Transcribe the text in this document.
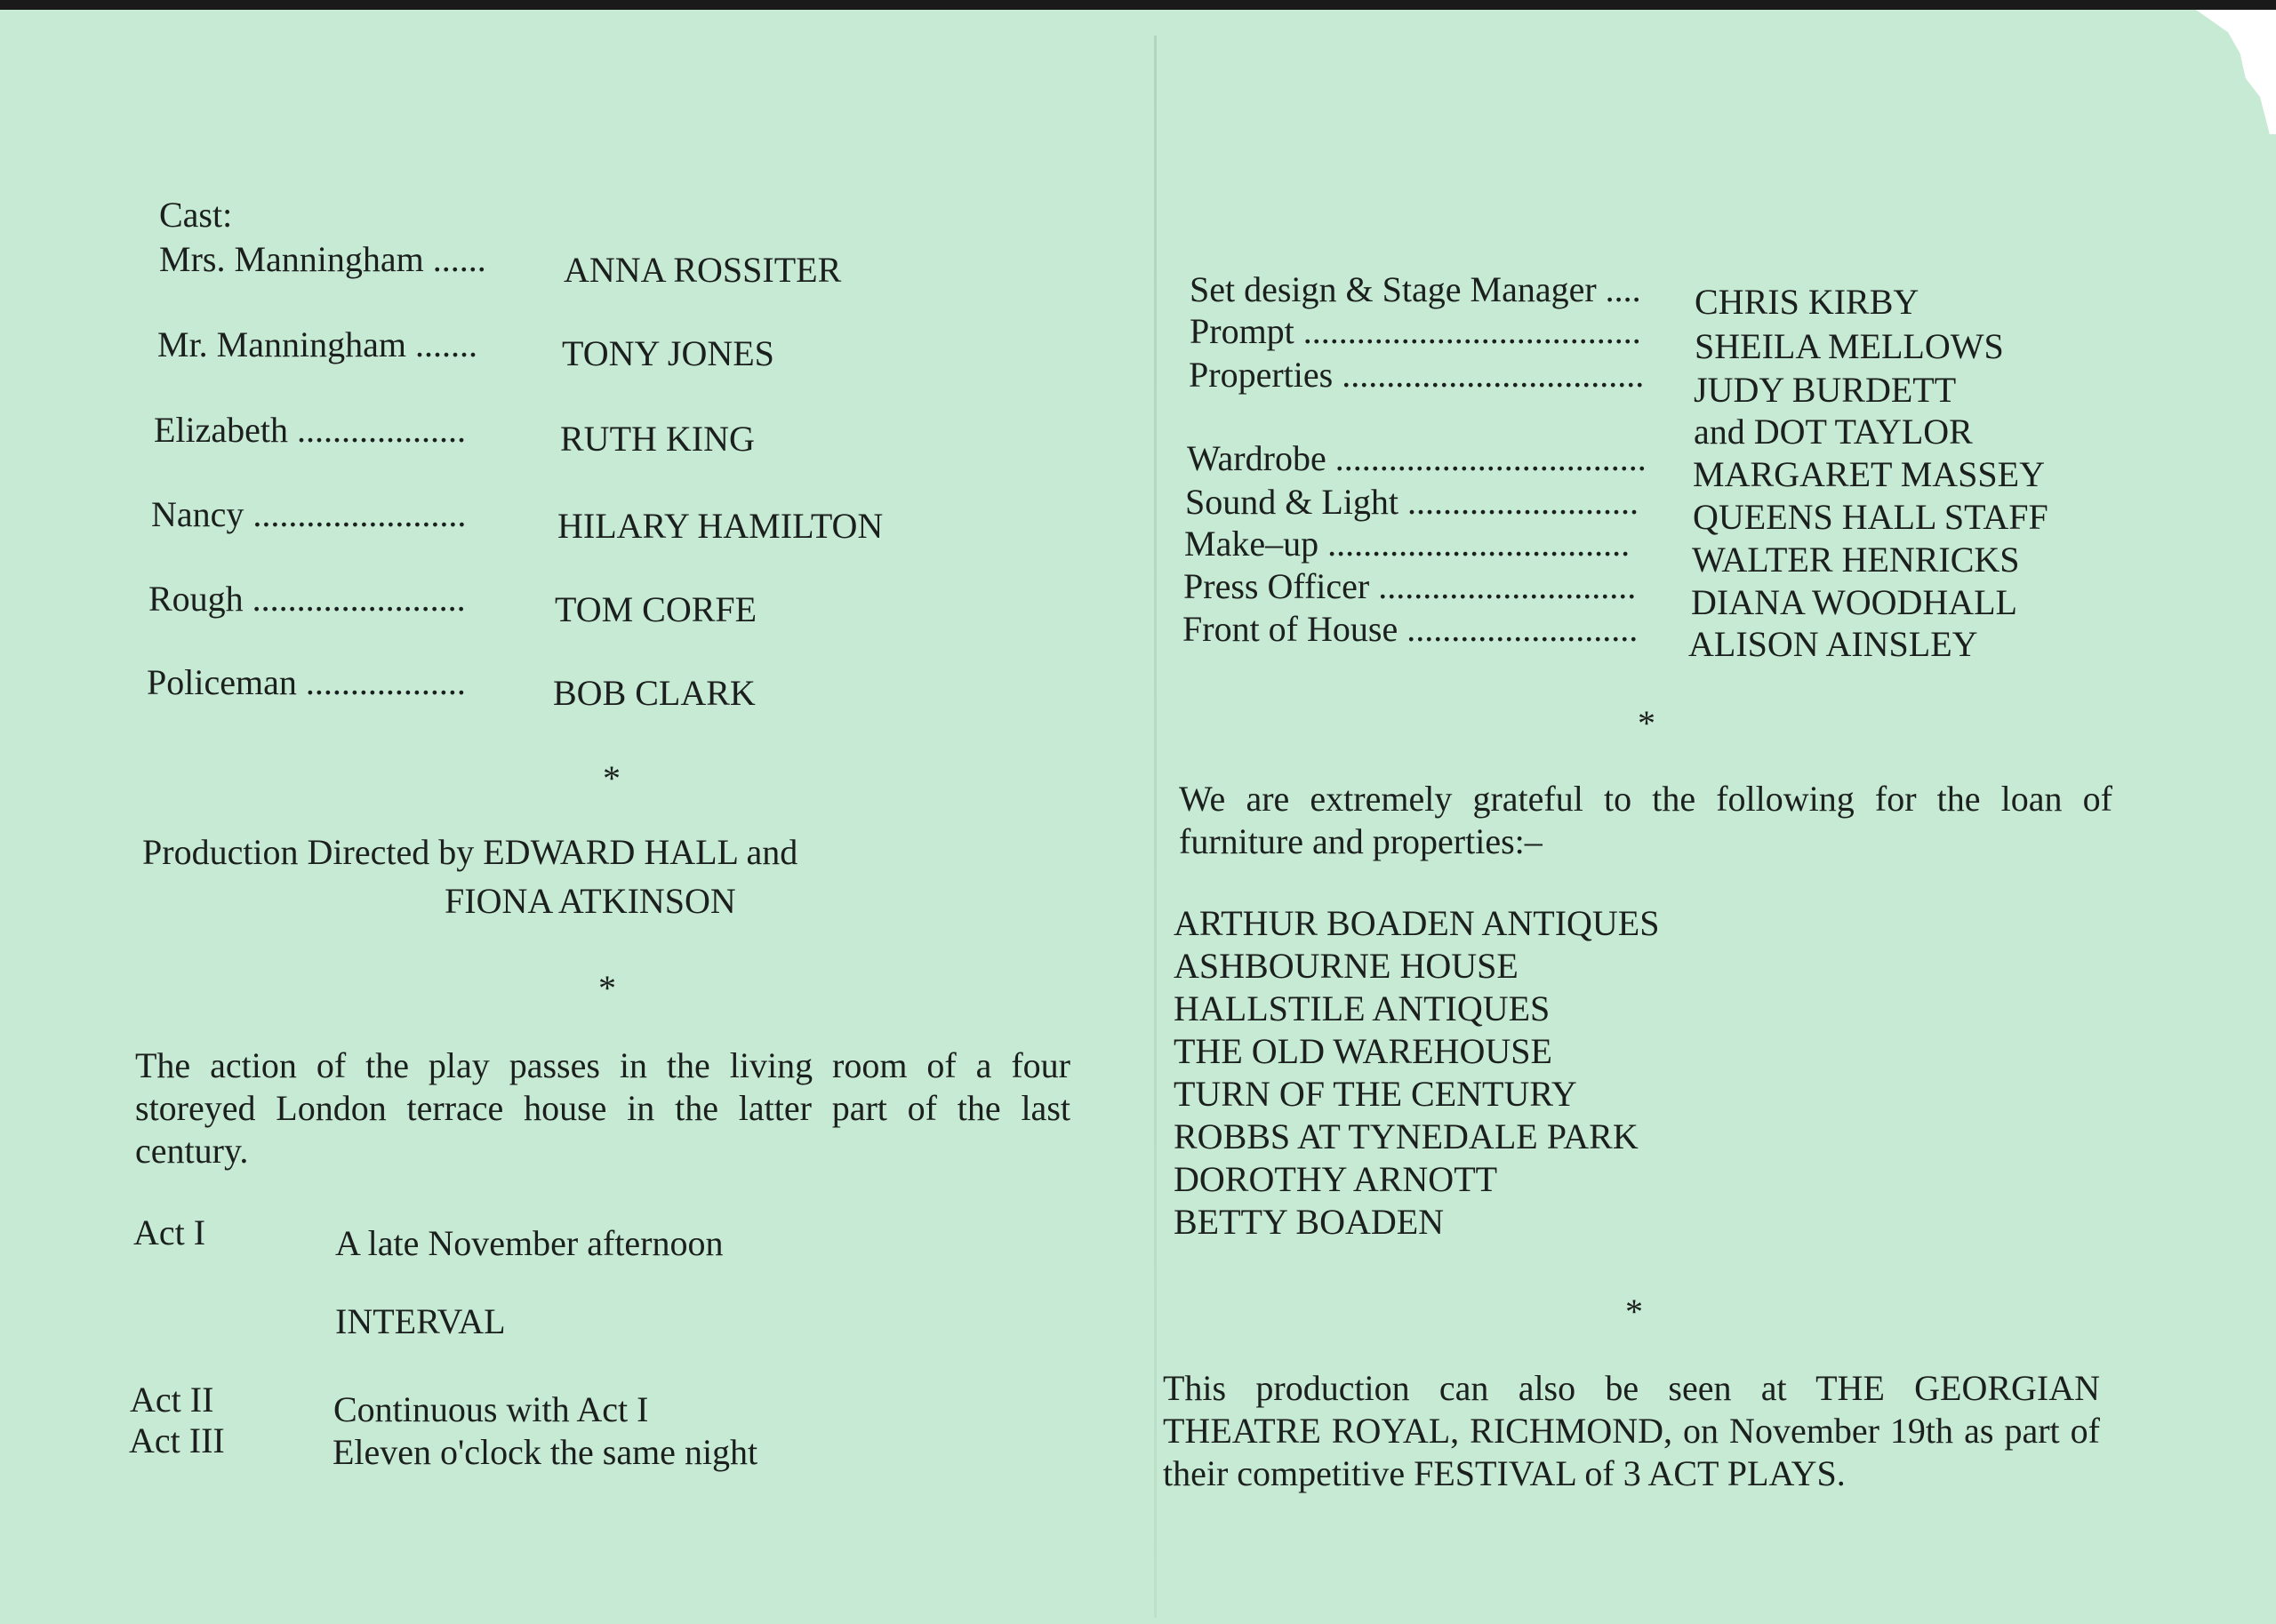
Cast:
Mrs. Manningham ...... ANNA ROSSITER
Mr. Manningham ....... TONY JONES
Elizabeth ...................	RUTH KING
Nancy ........................	HILARY HAMILTON
Rough ........................	TOM CORFE
Policeman .................. BOB CLARK
*
Production Directed by EDWARD HALL and
FIONA ATKINSON
*
The action of the play passes in the living room of a four storeyed London terrace house in the latter part of the last century.
Act I	A late November afternoon
INTERVAL
Act II	Continuous with Act I
Act III	Eleven o'clock the same night
Set design & Stage Manager .... CHRIS KIRBY
Prompt ...................................... SHEILA MELLOWS
Properties .................................. JUDY BURDETT
and DOT TAYLOR
Wardrobe ................................... MARGARET MASSEY
Sound & Light .......................... QUEENS HALL STAFF
Make–up .................................. WALTER HENRICKS
Press Officer ............................. DIANA WOODHALL
Front of House .......................... ALISON AINSLEY
*
We are extremely grateful to the following for the loan of furniture and properties:–
ARTHUR BOADEN ANTIQUES
ASHBOURNE HOUSE
HALLSTILE ANTIQUES
THE OLD WAREHOUSE
TURN OF THE CENTURY
ROBBS AT TYNEDALE PARK
DOROTHY ARNOTT
BETTY BOADEN
*
This production can also be seen at THE GEORGIAN THEATRE ROYAL, RICHMOND, on November 19th as part of their competitive FESTIVAL of 3 ACT PLAYS.
